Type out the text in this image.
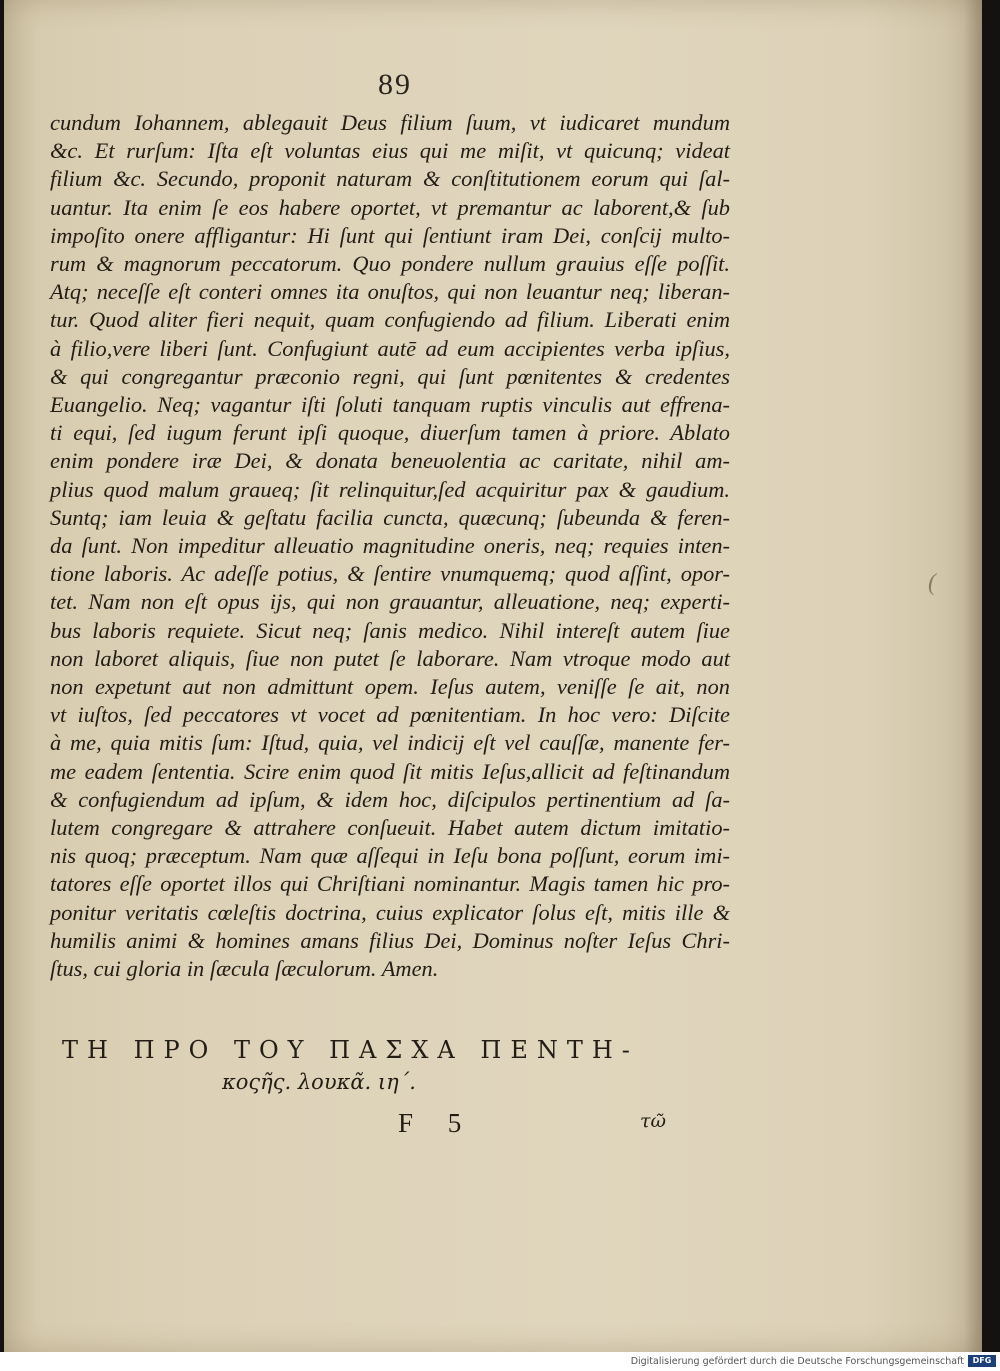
89
cundum Iohannem, ablegauit Deus filium ſuum, vt iudicaret mundum
&c. Et rurſum: Iſta eſt voluntas eius qui me miſit, vt quicunq; videat
filium &c. Secundo, proponit naturam & conſtitutionem eorum qui ſal-
uantur. Ita enim ſe eos habere oportet, vt premantur ac laborent,& ſub
impoſito onere affligantur: Hi ſunt qui ſentiunt iram Dei, conſcij multo-
rum & magnorum peccatorum. Quo pondere nullum grauius eſſe poſſit.
Atq; neceſſe eſt conteri omnes ita onuſtos, qui non leuantur neq; liberan-
tur. Quod aliter fieri nequit, quam confugiendo ad filium. Liberati enim
à filio,vere liberi ſunt. Confugiunt autē ad eum accipientes verba ipſius,
& qui congregantur præconio regni, qui ſunt pœnitentes & credentes
Euangelio. Neq; vagantur iſti ſoluti tanquam ruptis vinculis aut effrena-
ti equi, ſed iugum ferunt ipſi quoque, diuerſum tamen à priore. Ablato
enim pondere iræ Dei, & donata beneuolentia ac caritate, nihil am-
plius quod malum graueq; ſit relinquitur,ſed acquiritur pax & gaudium.
Suntq; iam leuia & geſtatu facilia cuncta, quæcunq; ſubeunda & feren-
da ſunt. Non impeditur alleuatio magnitudine oneris, neq; requies inten-
tione laboris. Ac adeſſe potius, & ſentire vnumquemq; quod aſſint, opor-
tet. Nam non eſt opus ijs, qui non grauantur, alleuatione, neq; experti-
bus laboris requiete. Sicut neq; ſanis medico. Nihil intereſt autem ſiue
non laboret aliquis, ſiue non putet ſe laborare. Nam vtroque modo aut
non expetunt aut non admittunt opem. Ieſus autem, veniſſe ſe ait, non
vt iuſtos, ſed peccatores vt vocet ad pœnitentiam. In hoc vero: Diſcite
à me, quia mitis ſum: Iſtud, quia, vel indicij eſt vel cauſſæ, manente fer-
me eadem ſententia. Scire enim quod ſit mitis Ieſus,allicit ad feſtinandum
& confugiendum ad ipſum, & idem hoc, diſcipulos pertinentium ad ſa-
lutem congregare & attrahere conſueuit. Habet autem dictum imitatio-
nis quoq; præceptum. Nam quæ aſſequi in Ieſu bona poſſunt, eorum imi-
tatores eſſe oportet illos qui Chriſtiani nominantur. Magis tamen hic pro-
ponitur veritatis cœleſtis doctrina, cuius explicator ſolus eſt, mitis ille &
humilis animi & homines amans filius Dei, Dominus noſter Ieſus Chri-
ſtus, cui gloria in ſæcula ſæculorum. Amen.
(
ΤΗ ΠΡΟ ΤΟΥ ΠΑΣΧΑ ΠΕΝΤΗ-
κοςῆς. λουκᾶ. ιη΄.
F 5	τῶ
Digitalisierung gefördert durch die Deutsche Forschungsgemeinschaft	DFG
